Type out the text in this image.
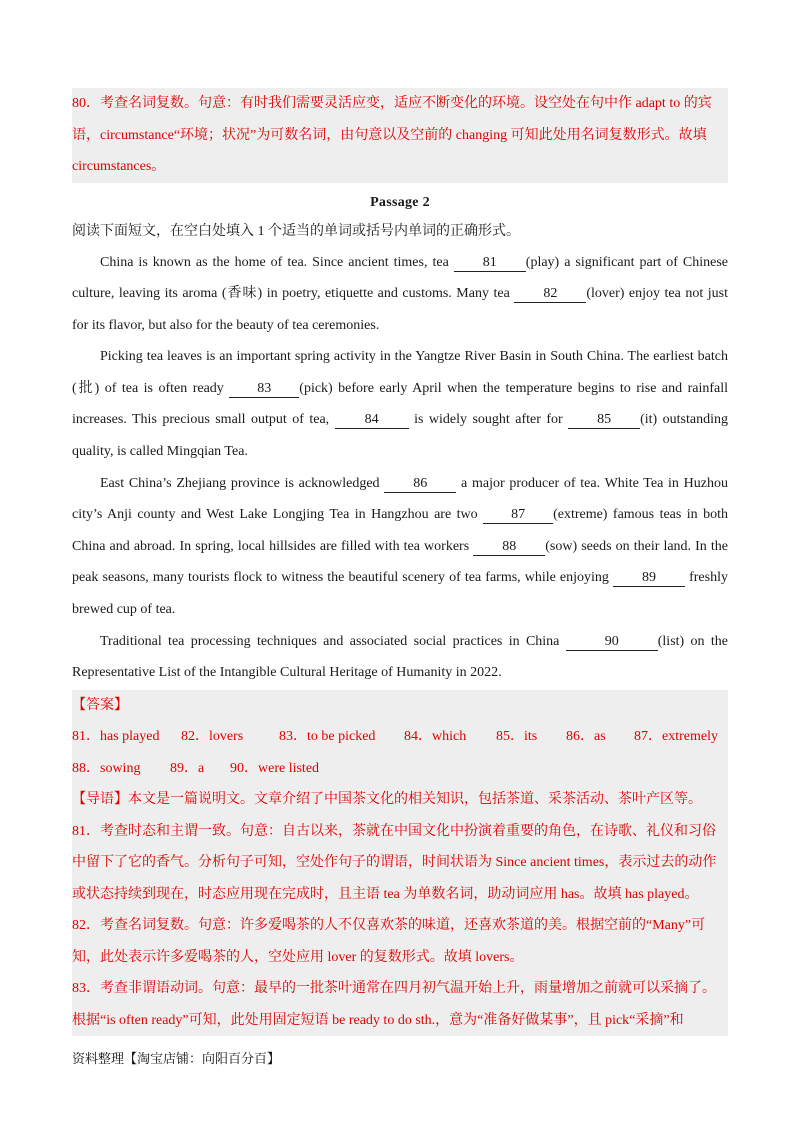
80．考查名词复数。句意：有时我们需要灵活应变，适应不断变化的环境。设空处在句中作 adapt to 的宾

语，circumstance“环境；状况”为可数名词，由句意以及空前的 changing 可知此处用名词复数形式。故填

circumstances。

Passage 2

阅读下面短文，在空白处填入 1 个适当的单词或括号内单词的正确形式。

China is known as the home of tea. Since ancient times, tea 81 (play) a significant part of Chinese culture, leaving its aroma (香味) in poetry, etiquette and customs. Many tea 82 (lover) enjoy tea not just for its flavor, but also for the beauty of tea ceremonies.

Picking tea leaves is an important spring activity in the Yangtze River Basin in South China. The earliest batch (批) of tea is often ready 83 (pick) before early April when the temperature begins to rise and rainfall increases. This precious small output of tea, 84 is widely sought after for 85 (it) outstanding quality, is called Mingqian Tea.

East China’s Zhejiang province is acknowledged 86 a major producer of tea. White Tea in Huzhou city’s Anji county and West Lake Longjing Tea in Hangzhou are two 87 (extreme) famous teas in both China and abroad. In spring, local hillsides are filled with tea workers 88 (sow) seeds on their land. In the peak seasons, many tourists flock to witness the beautiful scenery of tea farms, while enjoying 89 freshly brewed cup of tea.

Traditional tea processing techniques and associated social practices in China	90	(list) on the Representative List of the Intangible Cultural Heritage of Humanity in 2022.

【答案】

81．has played 82．lovers	83．to be picked 84．which 85．its 86．as 87．extremely

88．sowing 89．a 90．were listed

【导语】本文是一篇说明文。文章介绍了中国茶文化的相关知识，包括茶道、采茶活动、茶叶产区等。

81．考查时态和主谓一致。句意：自古以来，茶就在中国文化中扮演着重要的角色，在诗歌、礼仪和习俗

中留下了它的香气。分析句子可知，空处作句子的谓语，时间状语为 Since ancient times，表示过去的动作

或状态持续到现在，时态应用现在完成时，且主语 tea 为单数名词，助动词应用 has。故填 has played。

82．考查名词复数。句意：许多爱喝茶的人不仅喜欢茶的味道，还喜欢茶道的美。根据空前的“Many”可

知，此处表示许多爱喝茶的人，空处应用 lover 的复数形式。故填 lovers。

83．考查非谓语动词。句意：最早的一批茶叶通常在四月初气温开始上升，雨量增加之前就可以采摘了。

根据“is often ready”可知，此处用固定短语 be ready to do sth.，意为“准备好做某事”，且 pick“采摘”和

资料整理【淘宝店铺：向阳百分百】
